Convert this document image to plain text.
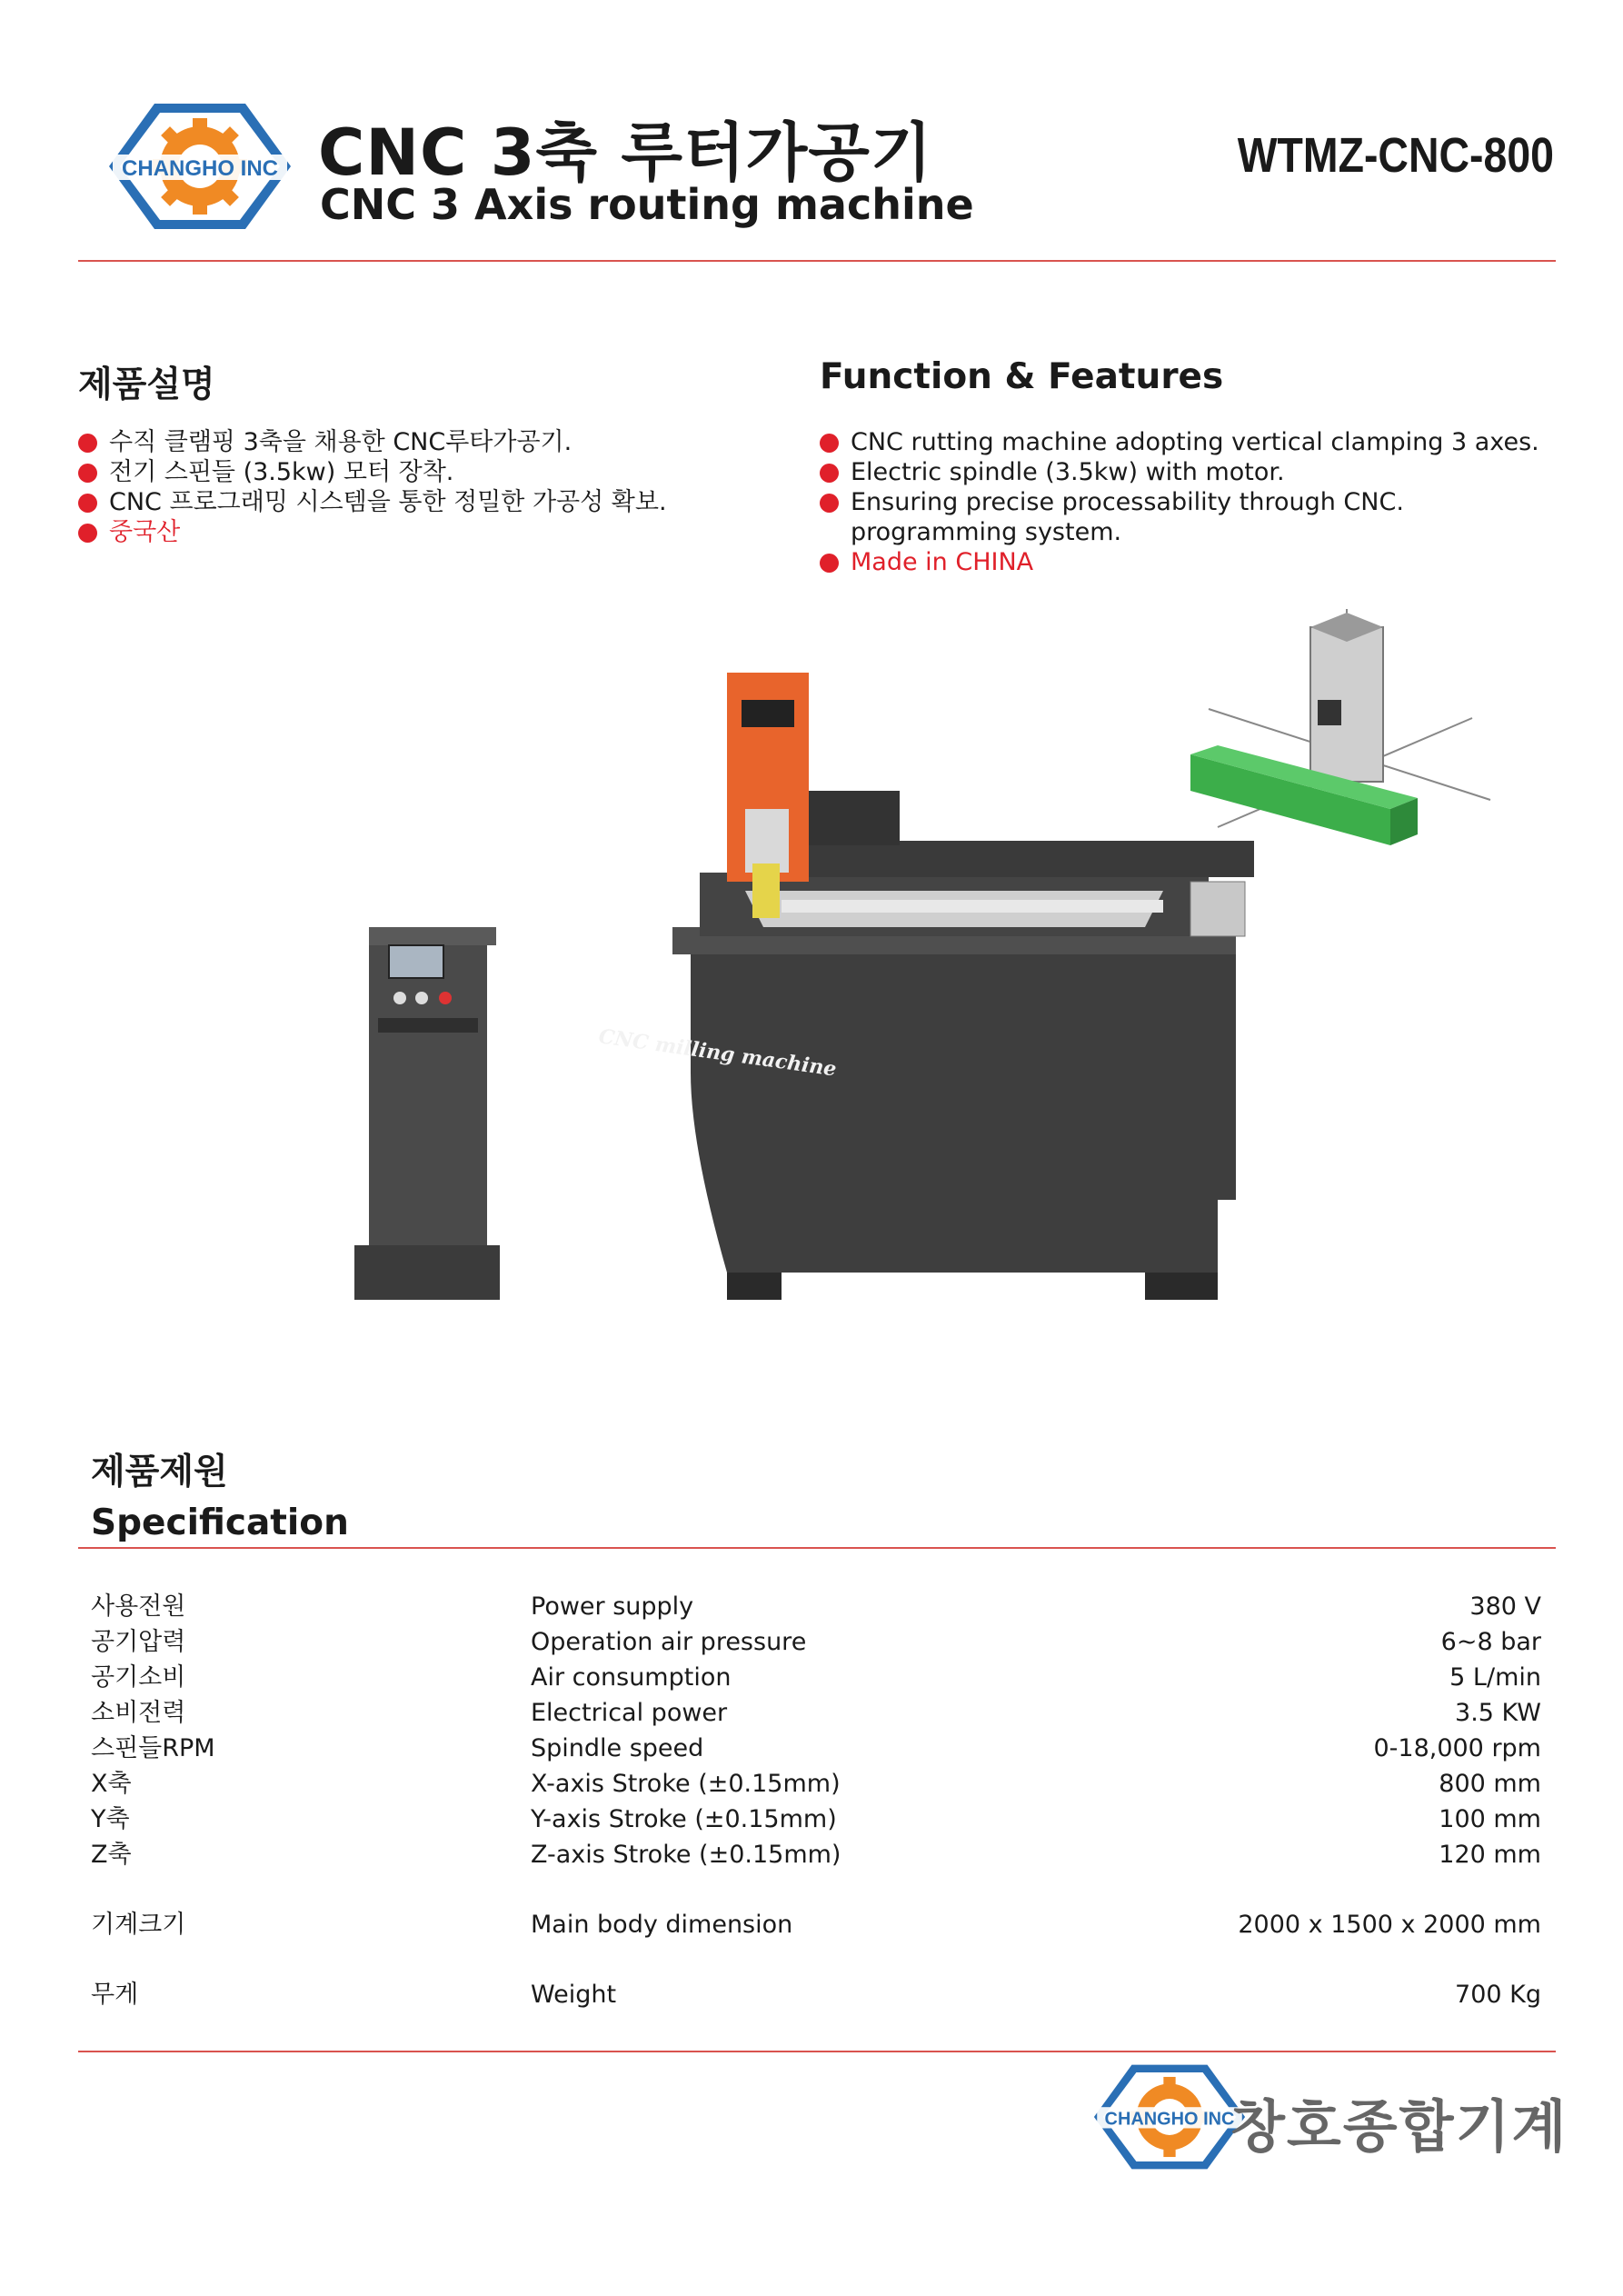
CHANGHO INC CNC 3축 루터가공기
CNC 3 Axis routing machine
WTMZ-CNC-800
제품설명
수직 클램핑 3축을 채용한 CNC루타가공기.
전기 스핀들 (3.5kw) 모터 장착.
CNC 프로그래밍 시스템을 통한 정밀한 가공성 확보.
중국산
Function & Features
CNC rutting machine adopting vertical clamping 3 axes.
Electric spindle (3.5kw) with motor.
Ensuring precise processability through CNC. programming system.
Made in CHINA
CNC milling machine
제품제원
Specification
사용전원	Power supply	380 V
공기압력	Operation air pressure	6~8 bar
공기소비	Air consumption	5 L/min
소비전력	Electrical power	3.5 KW
스핀들RPM	Spindle speed	0-18,000 rpm
X축	X-axis Stroke (±0.15mm)	800 mm
Y축	Y-axis Stroke (±0.15mm)	100 mm
Z축	Z-axis Stroke (±0.15mm)	120 mm
기계크기	Main body dimension	2000 x 1500 x 2000 mm
무게	Weight	700 Kg
CHANGHO INC
창호종합기계
